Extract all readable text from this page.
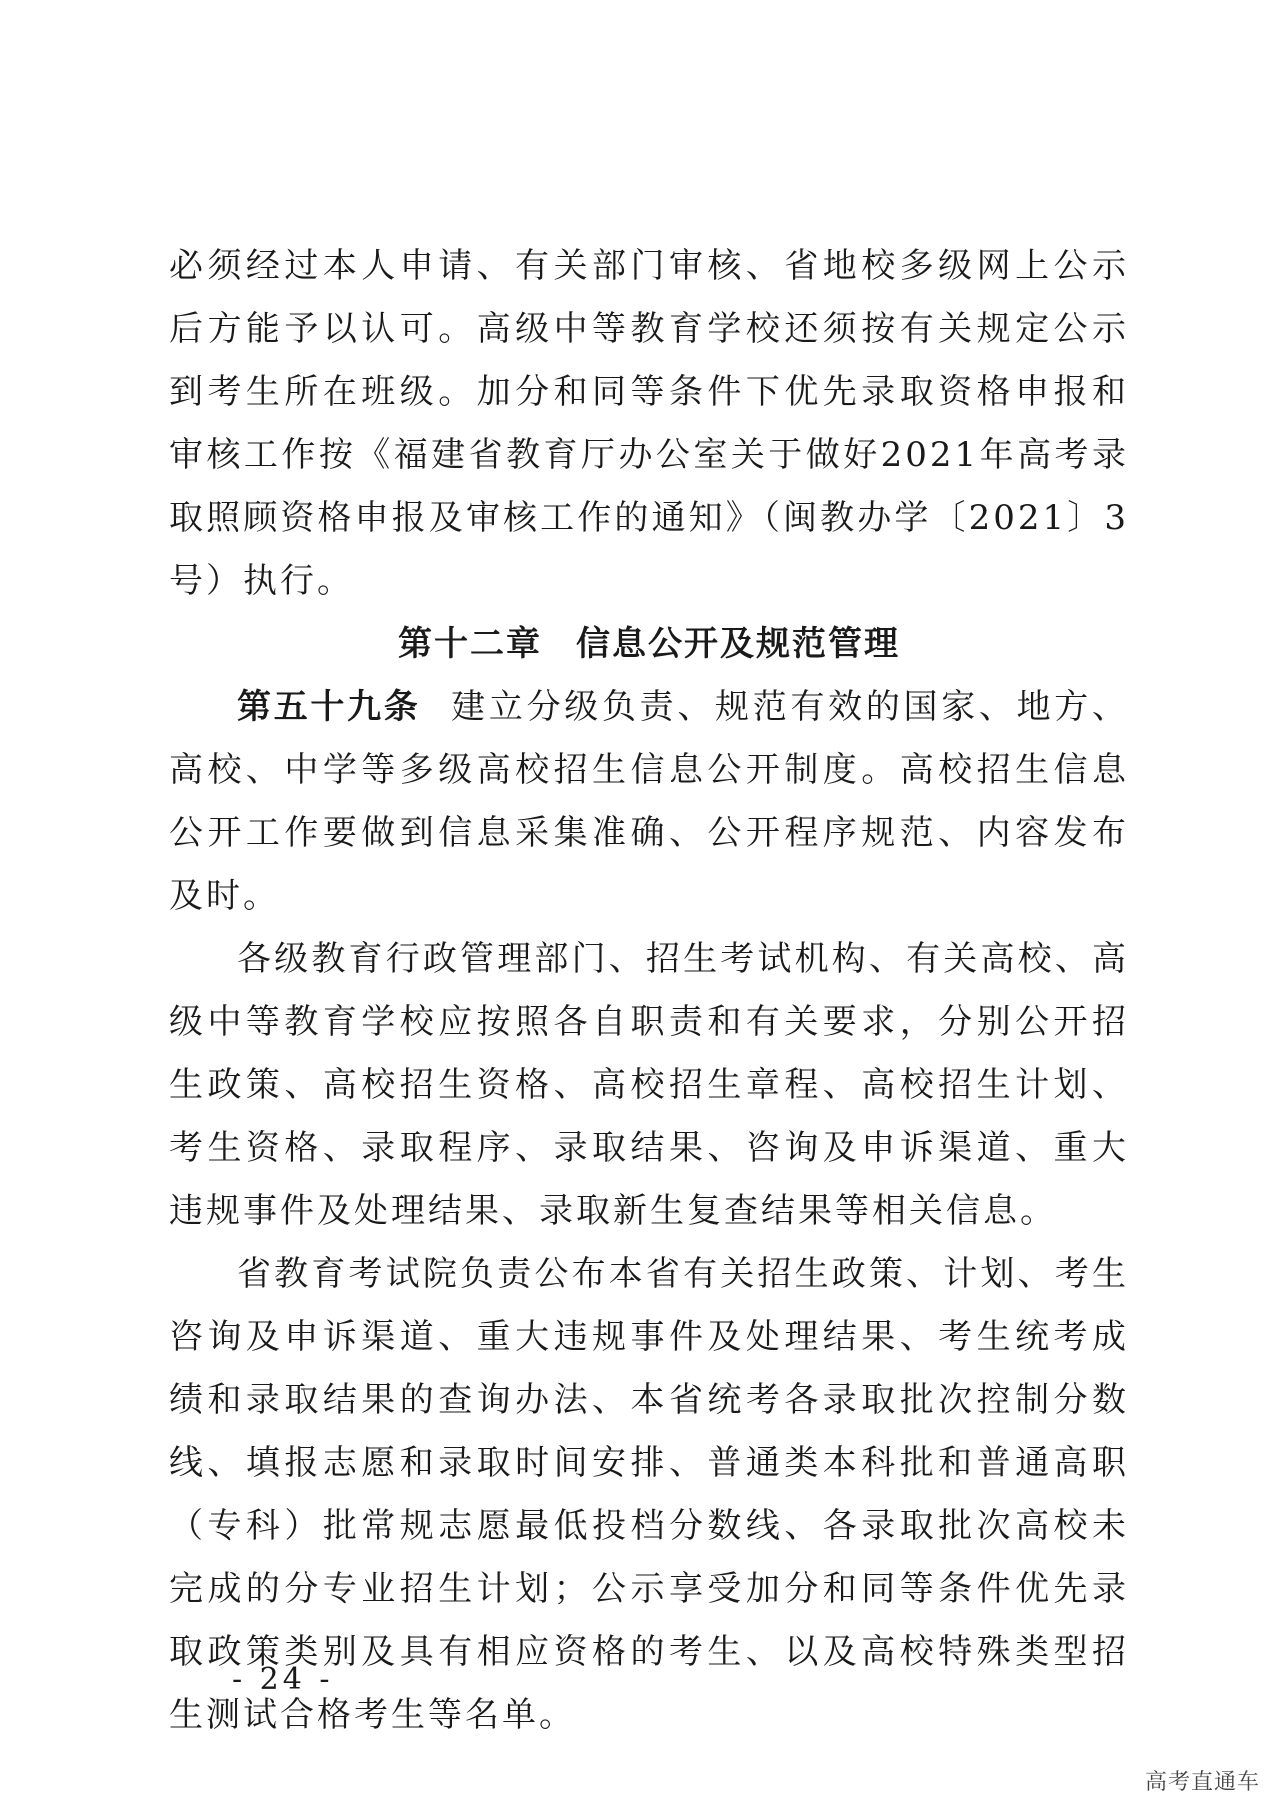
必须经过本人申请、有关部门审核、省地校多级网上公示后方能予以认可。高级中等教育学校还须按有关规定公示到考生所在班级。加分和同等条件下优先录取资格申报和审核工作按《福建省教育厅办公室关于做好2021年高考录取照顾资格申报及审核工作的通知》（闽教办学〔2021〕3号）执行。

第十二章 信息公开及规范管理

第五十九条 建立分级负责、规范有效的国家、地方、高校、中学等多级高校招生信息公开制度。高校招生信息公开工作要做到信息采集准确、公开程序规范、内容发布及时。

各级教育行政管理部门、招生考试机构、有关高校、高级中等教育学校应按照各自职责和有关要求，分别公开招生政策、高校招生资格、高校招生章程、高校招生计划、考生资格、录取程序、录取结果、咨询及申诉渠道、重大违规事件及处理结果、录取新生复查结果等相关信息。

省教育考试院负责公布本省有关招生政策、计划、考生咨询及申诉渠道、重大违规事件及处理结果、考生统考成绩和录取结果的查询办法、本省统考各录取批次控制分数线、填报志愿和录取时间安排、普通类本科批和普通高职（专科）批常规志愿最低投档分数线、各录取批次高校未完成的分专业招生计划；公示享受加分和同等条件优先录取政策类别及具有相应资格的考生、以及高校特殊类型招生测试合格考生等名单。

- 24 -
高考直通车
